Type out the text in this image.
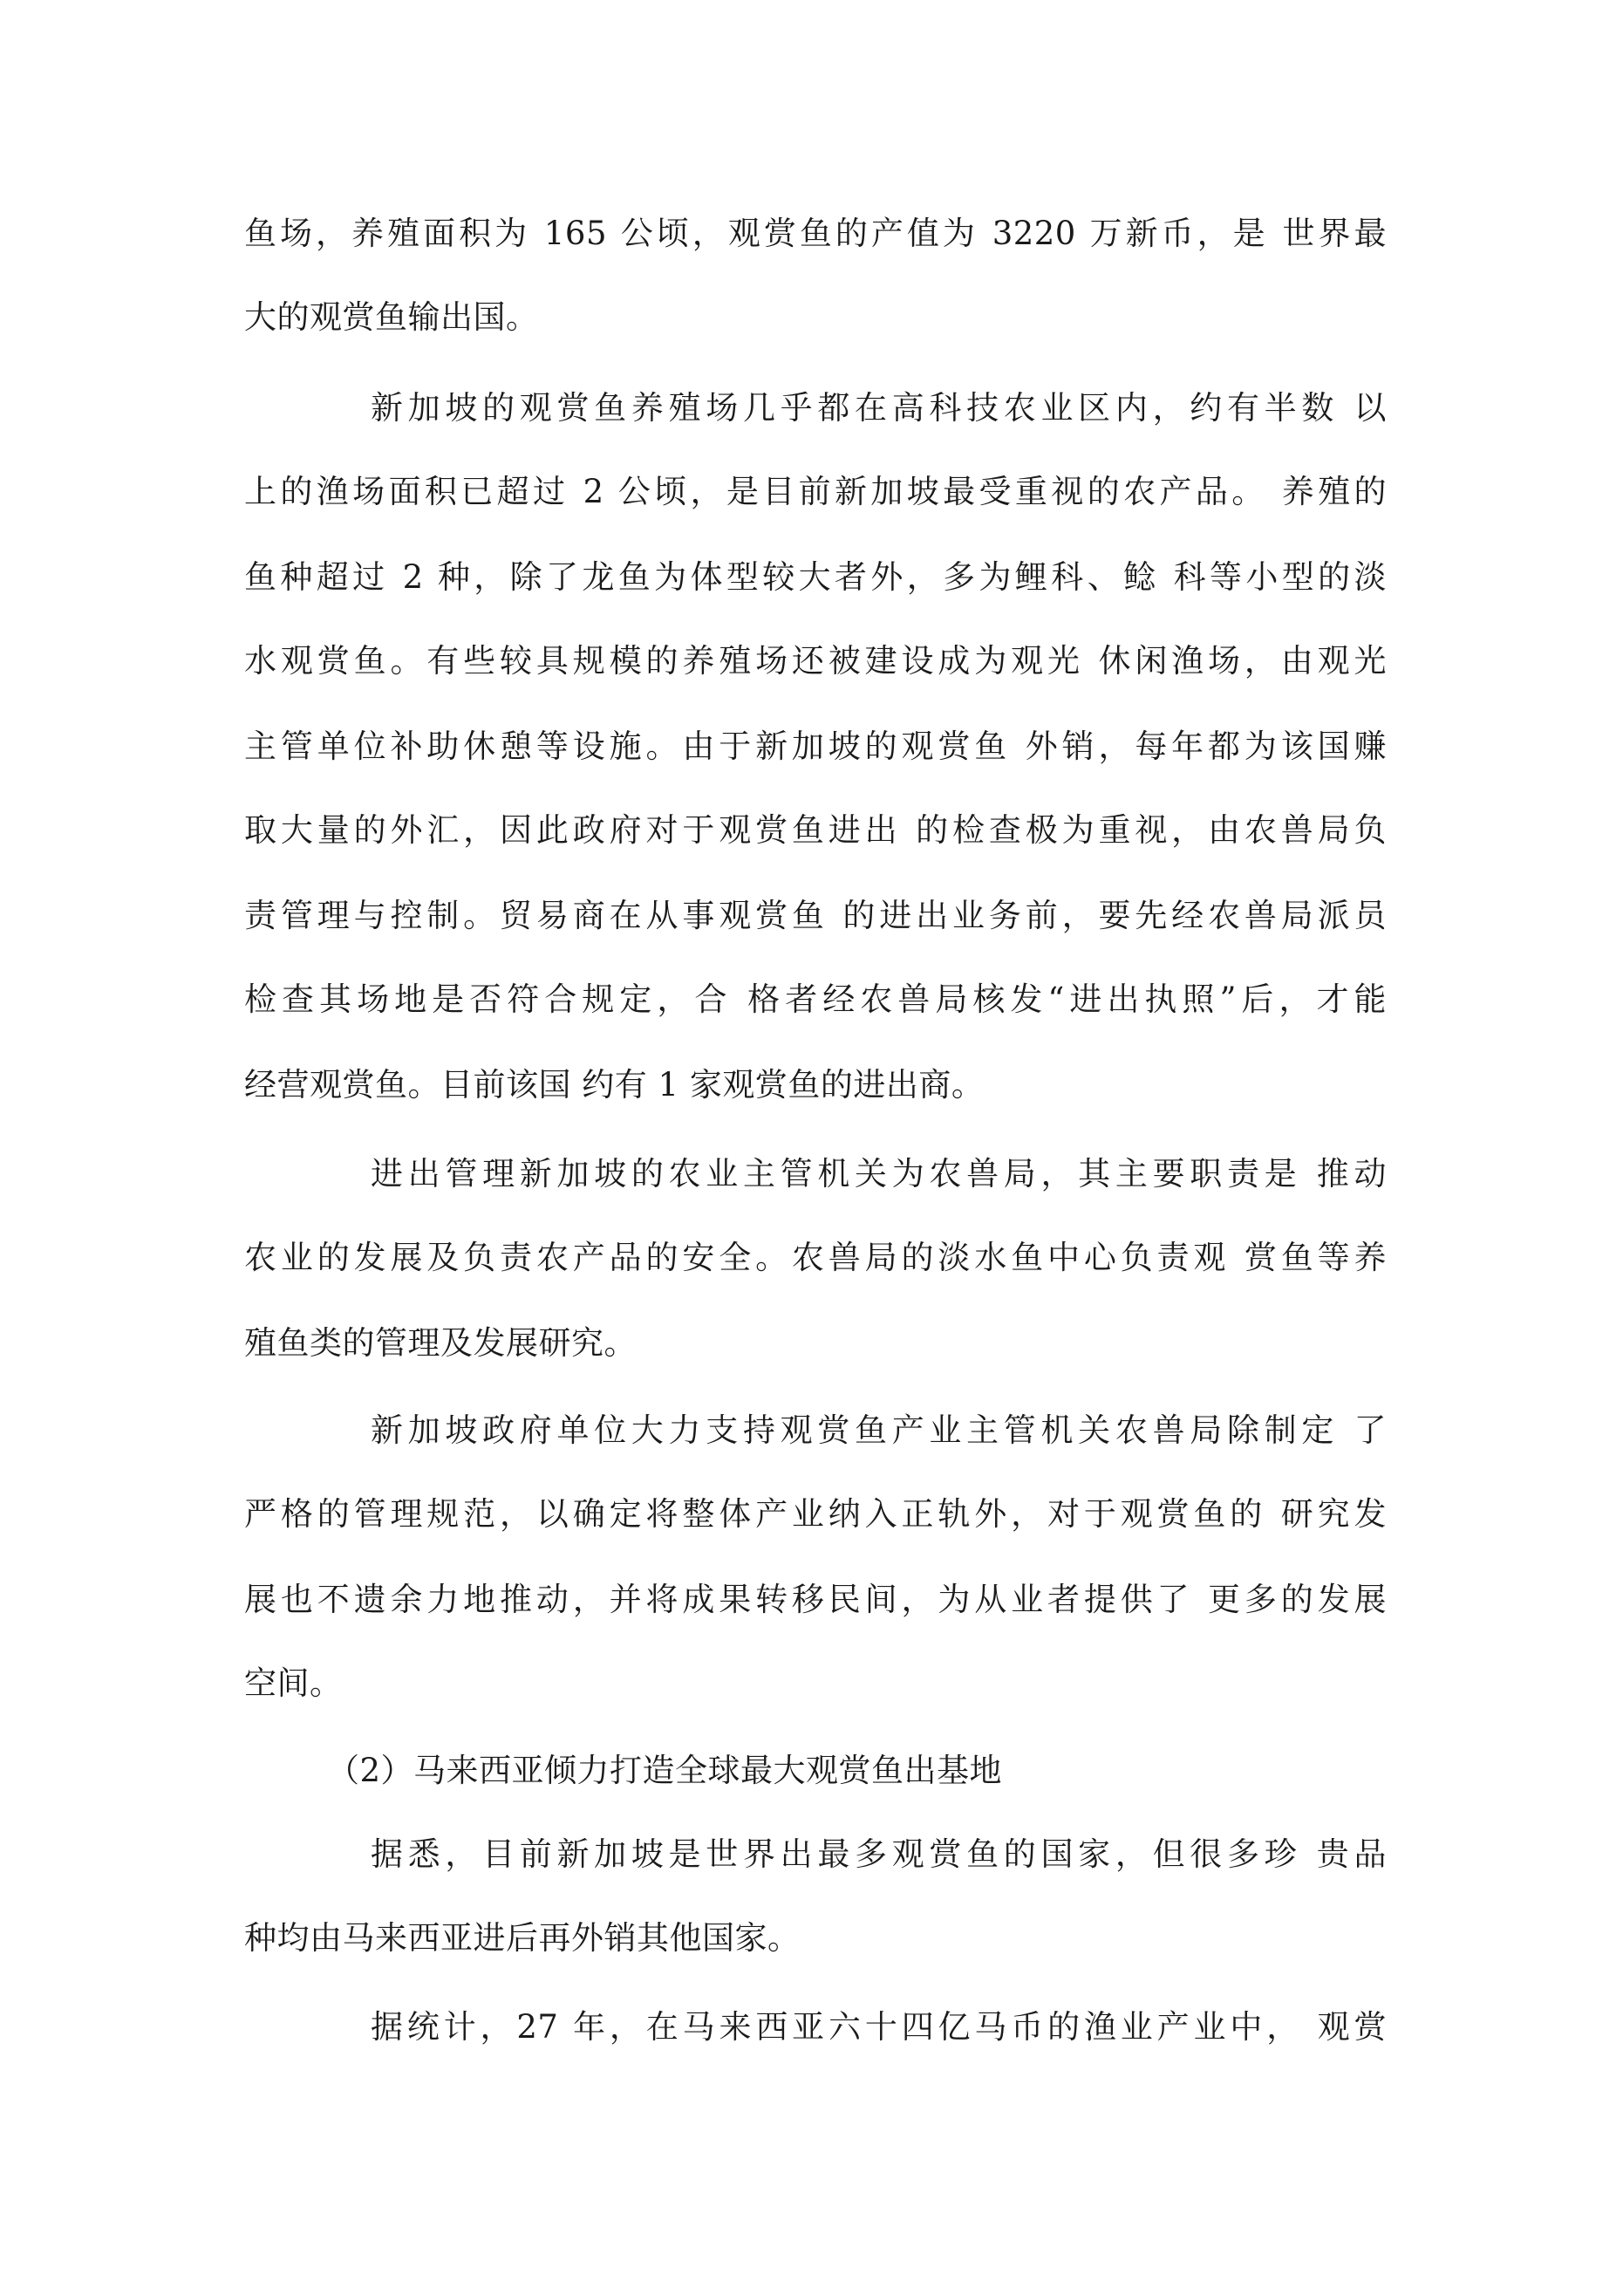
鱼场，养殖面积为 165 公顷，观赏鱼的产值为 3220 万新币，是 世界最
大的观赏鱼输出国。
新加坡的观赏鱼养殖场几乎都在高科技农业区内，约有半数 以
上的渔场面积已超过 2 公顷，是目前新加坡最受重视的农产品。 养殖的
鱼种超过 2 种，除了龙鱼为体型较大者外，多为鲤科、鲶 科等小型的淡
水观赏鱼。有些较具规模的养殖场还被建设成为观光 休闲渔场，由观光
主管单位补助休憩等设施。由于新加坡的观赏鱼 外销，每年都为该国赚
取大量的外汇，因此政府对于观赏鱼进出 的检查极为重视，由农兽局负
责管理与控制。贸易商在从事观赏鱼 的进出业务前，要先经农兽局派员
检查其场地是否符合规定，合 格者经农兽局核发“进出执照”后，才能
经营观赏鱼。目前该国 约有 1 家观赏鱼的进出商。
进出管理新加坡的农业主管机关为农兽局，其主要职责是 推动
农业的发展及负责农产品的安全。农兽局的淡水鱼中心负责观 赏鱼等养
殖鱼类的管理及发展研究。
新加坡政府单位大力支持观赏鱼产业主管机关农兽局除制定 了
严格的管理规范，以确定将整体产业纳入正轨外，对于观赏鱼的 研究发
展也不遗余力地推动，并将成果转移民间，为从业者提供了 更多的发展
空间。
（2）马来西亚倾力打造全球最大观赏鱼出基地
据悉，目前新加坡是世界出最多观赏鱼的国家，但很多珍 贵品
种均由马来西亚进后再外销其他国家。
据统计，27 年，在马来西亚六十四亿马币的渔业产业中， 观赏
